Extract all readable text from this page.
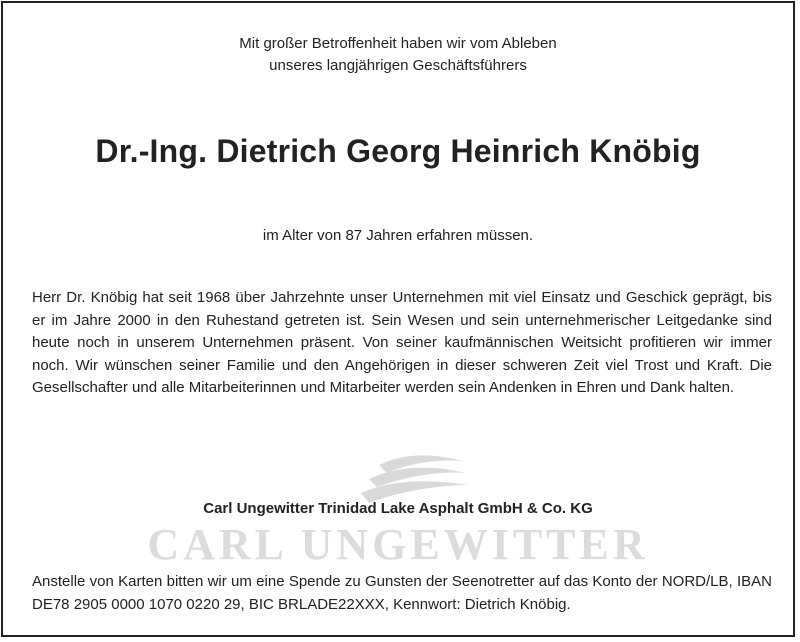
Mit großer Betroffenheit haben wir vom Ableben
unseres langjährigen Geschäftsführers
Dr.-Ing. Dietrich Georg Heinrich Knöbig
im Alter von 87 Jahren erfahren müssen.
Herr Dr. Knöbig hat seit 1968 über Jahrzehnte unser Unternehmen mit viel Einsatz und Geschick geprägt, bis er im Jahre 2000 in den Ruhestand getreten ist. Sein Wesen und sein unternehmerischer Leitgedanke sind heute noch in unserem Unternehmen präsent. Von seiner kaufmännischen Weitsicht profitieren wir immer noch. Wir wünschen seiner Familie und den Angehörigen in dieser schweren Zeit viel Trost und Kraft. Die Gesellschafter und alle Mitarbeiterinnen und Mitarbeiter werden sein Andenken in Ehren und Dank halten.
Carl Ungewitter Trinidad Lake Asphalt GmbH & Co. KG
CARL UNGEWITTER
Anstelle von Karten bitten wir um eine Spende zu Gunsten der Seenotretter auf das Konto der NORD/LB, IBAN DE78 2905 0000 1070 0220 29, BIC BRLADE22XXX, Kennwort: Dietrich Knöbig.
